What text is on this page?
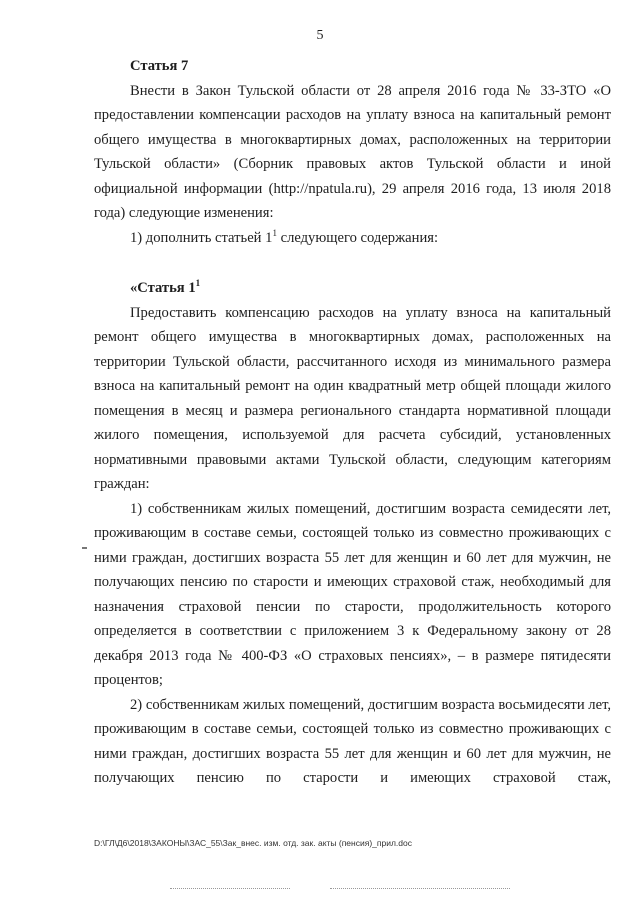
5

Статья 7

Внести в Закон Тульской области от 28 апреля 2016 года № 33-ЗТО «О предоставлении компенсации расходов на уплату взноса на капитальный ремонт общего имущества в многоквартирных домах, расположенных на территории Тульской области» (Сборник правовых актов Тульской области и иной официальной информации (http://npatula.ru), 29 апреля 2016 года, 13 июля 2018 года) следующие изменения:

1) дополнить статьей $1^1$ следующего содержания:

«Статья $1^1$

Предоставить компенсацию расходов на уплату взноса на капитальный ремонт общего имущества в многоквартирных домах, расположенных на территории Тульской области, рассчитанного исходя из минимального размера взноса на капитальный ремонт на один квадратный метр общей площади жилого помещения в месяц и размера регионального стандарта нормативной площади жилого помещения, используемой для расчета субсидий, установленных нормативными правовыми актами Тульской области, следующим категориям граждан:

1) собственникам жилых помещений, достигшим возраста семидесяти лет, проживающим в составе семьи, состоящей только из совместно проживающих с ними граждан, достигших возраста 55 лет для женщин и 60 лет для мужчин, не получающих пенсию по старости и имеющих страховой стаж, необходимый для назначения страховой пенсии по старости, продолжительность которого определяется в соответствии с приложением 3 к Федеральному закону от 28 декабря 2013 года № 400-ФЗ «О страховых пенсиях», – в размере пятидесяти процентов;

2) собственникам жилых помещений, достигшим возраста восьмидесяти лет, проживающим в составе семьи, состоящей только из совместно проживающих с ними граждан, достигших возраста 55 лет для женщин и 60 лет для мужчин, не получающих пенсию по старости и имеющих страховой стаж,

D:\ГЛ\Д6\2018\ЗАКОНЫ\ЗАС_55\Зак_внес. изм. отд. зак. акты (пенсия)_прил.doc
